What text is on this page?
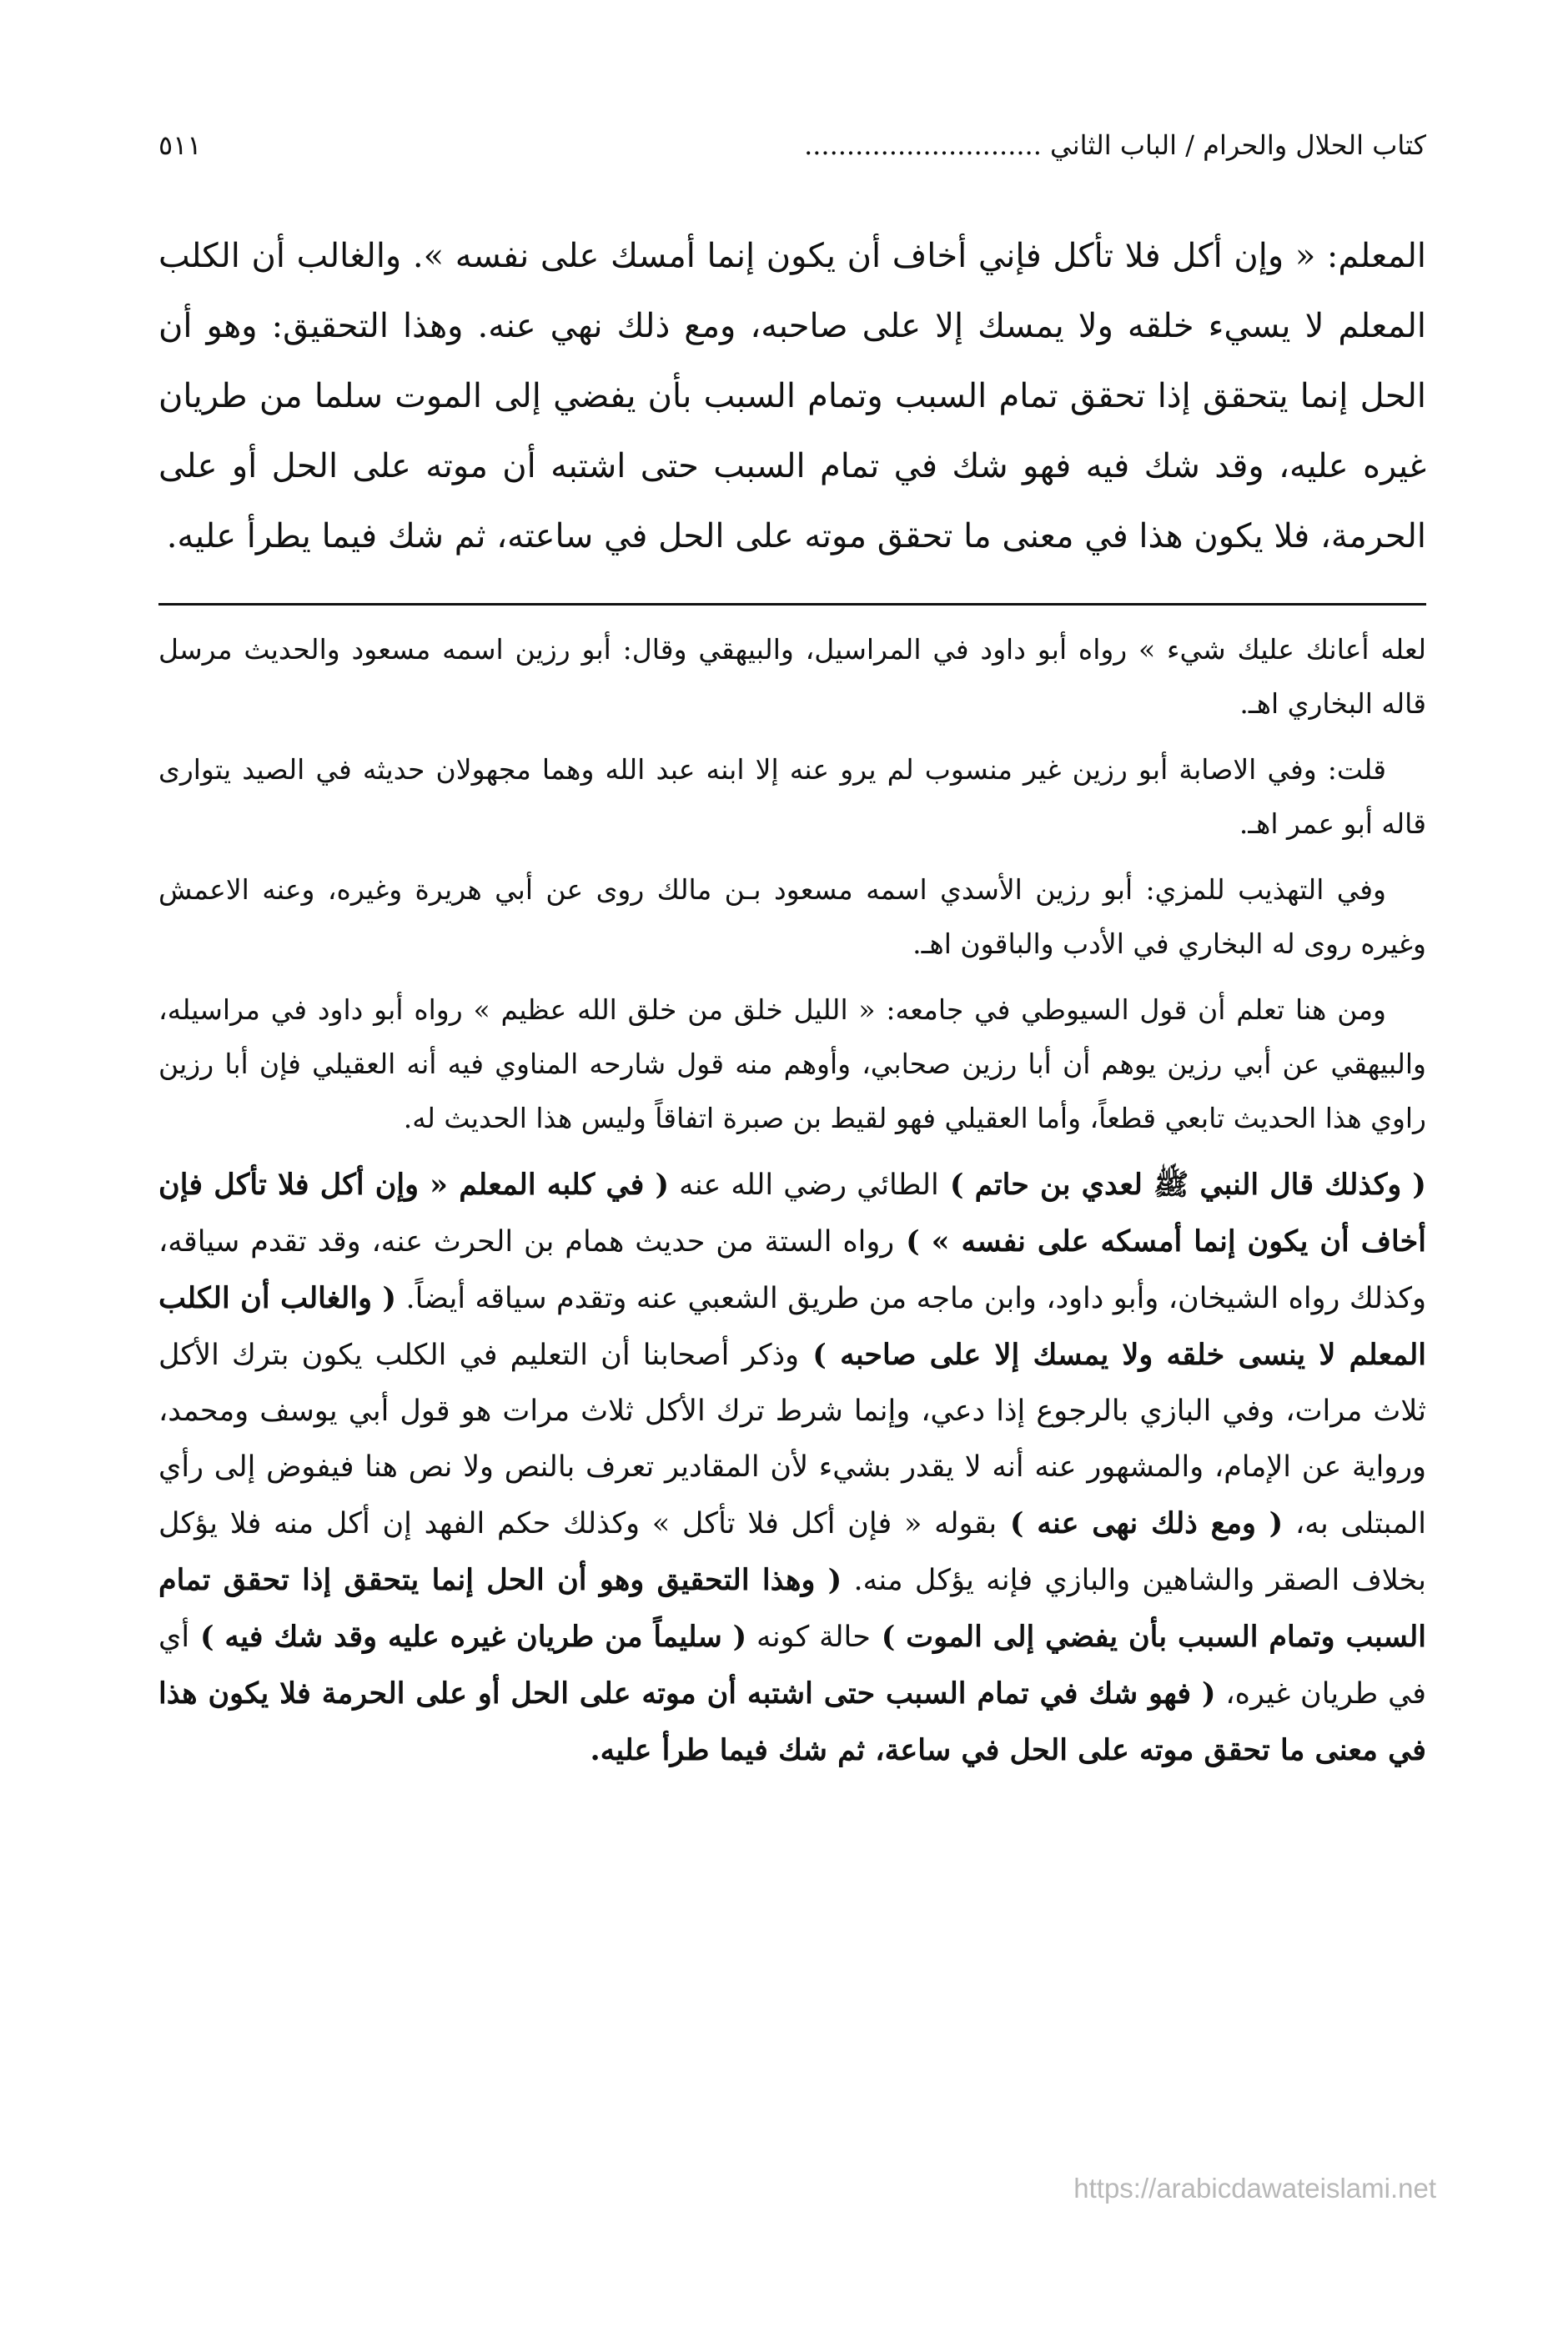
كتاب الحلال والحرام / الباب الثاني ............................
٥١١
المعلم: « وإن أكل فلا تأكل فإني أخاف أن يكون إنما أمسك على نفسه ». والغالب أن الكلب المعلم لا يسيء خلقه ولا يمسك إلا على صاحبه، ومع ذلك نهي عنه. وهذا التحقيق: وهو أن الحل إنما يتحقق إذا تحقق تمام السبب وتمام السبب بأن يفضي إلى الموت سلما من طريان غيره عليه، وقد شك فيه فهو شك في تمام السبب حتى اشتبه أن موته على الحل أو على الحرمة، فلا يكون هذا في معنى ما تحقق موته على الحل في ساعته، ثم شك فيما يطرأ عليه.

لعله أعانك عليك شيء » رواه أبو داود في المراسيل، والبيهقي وقال: أبو رزين اسمه مسعود والحديث مرسل قاله البخاري اهـ.

قلت: وفي الاصابة أبو رزين غير منسوب لم يرو عنه إلا ابنه عبد الله وهما مجهولان حديثه في الصيد يتوارى قاله أبو عمر اهـ.

وفي التهذيب للمزي: أبو رزين الأسدي اسمه مسعود بـن مالك روى عن أبي هريرة وغيره، وعنه الاعمش وغيره روى له البخاري في الأدب والباقون اهـ.

ومن هنا تعلم أن قول السيوطي في جامعه: « الليل خلق من خلق الله عظيم » رواه أبو داود في مراسيله، والبيهقي عن أبي رزين يوهم أن أبا رزين صحابي، وأوهم منه قول شارحه المناوي فيه أنه العقيلي فإن أبا رزين راوي هذا الحديث تابعي قطعاً، وأما العقيلي فهو لقيط بن صبرة اتفاقاً وليس هذا الحديث له.

( وكذلك قال النبي ﷺ لعدي بن حاتم ) الطائي رضي الله عنه ( في كلبه المعلم « وإن أكل فلا تأكل فإن أخاف أن يكون إنما أمسكه على نفسه » ) رواه الستة من حديث همام بن الحرث عنه، وقد تقدم سياقه، وكذلك رواه الشيخان، وأبو داود، وابن ماجه من طريق الشعبي عنه وتقدم سياقه أيضاً. ( والغالب أن الكلب المعلم لا ينسى خلقه ولا يمسك إلا على صاحبه ) وذكر أصحابنا أن التعليم في الكلب يكون بترك الأكل ثلاث مرات، وفي البازي بالرجوع إذا دعي، وإنما شرط ترك الأكل ثلاث مرات هو قول أبي يوسف ومحمد، ورواية عن الإمام، والمشهور عنه أنه لا يقدر بشيء لأن المقادير تعرف بالنص ولا نص هنا فيفوض إلى رأي المبتلى به، ( ومع ذلك نهى عنه ) بقوله « فإن أكل فلا تأكل » وكذلك حكم الفهد إن أكل منه فلا يؤكل بخلاف الصقر والشاهين والبازي فإنه يؤكل منه. ( وهذا التحقيق وهو أن الحل إنما يتحقق إذا تحقق تمام السبب وتمام السبب بأن يفضي إلى الموت ) حالة كونه ( سليماً من طريان غيره عليه وقد شك فيه ) أي في طريان غيره، ( فهو شك في تمام السبب حتى اشتبه أن موته على الحل أو على الحرمة فلا يكون هذا في معنى ما تحقق موته على الحل في ساعة، ثم شك فيما طرأ عليه.
https://arabicdawateislami.net
